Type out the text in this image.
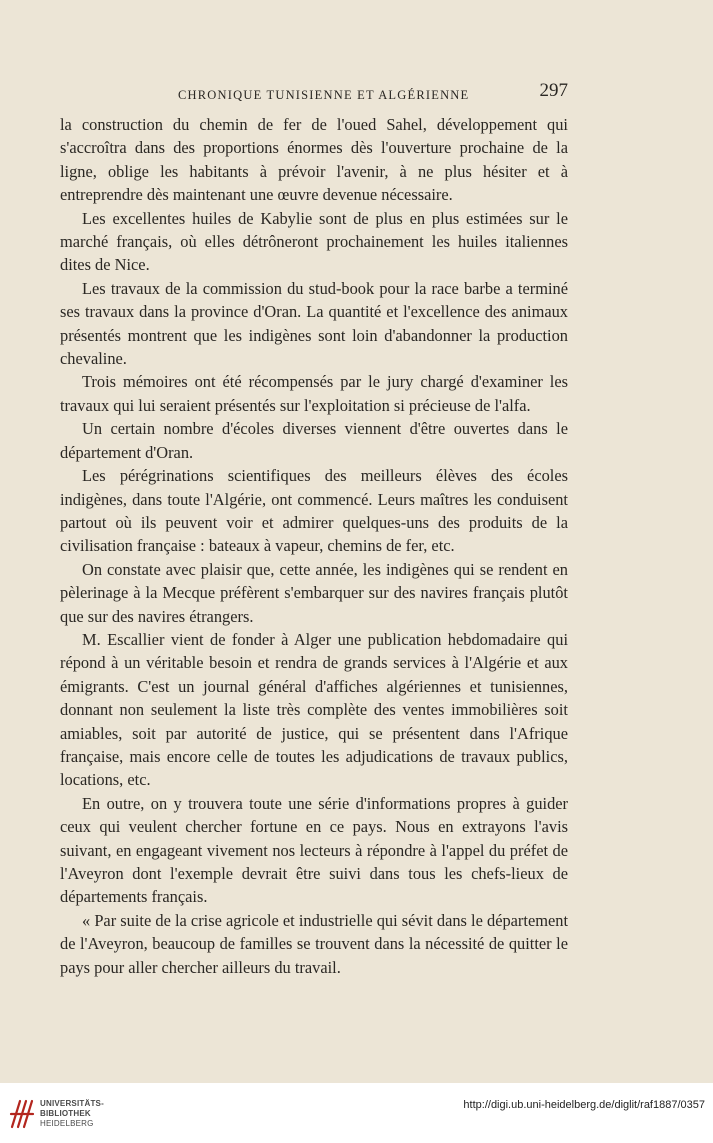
CHRONIQUE TUNISIENNE ET ALGÉRIENNE	297

la construction du chemin de fer de l'oued Sahel, développement qui s'accroîtra dans des proportions énormes dès l'ouverture prochaine de la ligne, oblige les habitants à prévoir l'avenir, à ne plus hésiter et à entreprendre dès maintenant une œuvre devenue nécessaire.

Les excellentes huiles de Kabylie sont de plus en plus estimées sur le marché français, où elles détrôneront prochainement les huiles italiennes dites de Nice.

Les travaux de la commission du stud-book pour la race barbe a terminé ses travaux dans la province d'Oran. La quantité et l'excellence des animaux présentés montrent que les indigènes sont loin d'abandonner la production chevaline.

Trois mémoires ont été récompensés par le jury chargé d'examiner les travaux qui lui seraient présentés sur l'exploitation si précieuse de l'alfa.

Un certain nombre d'écoles diverses viennent d'être ouvertes dans le département d'Oran.

Les pérégrinations scientifiques des meilleurs élèves des écoles indigènes, dans toute l'Algérie, ont commencé. Leurs maîtres les conduisent partout où ils peuvent voir et admirer quelques-uns des produits de la civilisation française : bateaux à vapeur, chemins de fer, etc.

On constate avec plaisir que, cette année, les indigènes qui se rendent en pèlerinage à la Mecque préfèrent s'embarquer sur des navires français plutôt que sur des navires étrangers.

M. Escallier vient de fonder à Alger une publication hebdomadaire qui répond à un véritable besoin et rendra de grands services à l'Algérie et aux émigrants. C'est un journal général d'affiches algériennes et tunisiennes, donnant non seulement la liste très complète des ventes immobilières soit amiables, soit par autorité de justice, qui se présentent dans l'Afrique française, mais encore celle de toutes les adjudications de travaux publics, locations, etc.

En outre, on y trouvera toute une série d'informations propres à guider ceux qui veulent chercher fortune en ce pays. Nous en extrayons l'avis suivant, en engageant vivement nos lecteurs à répondre à l'appel du préfet de l'Aveyron dont l'exemple devrait être suivi dans tous les chefs-lieux de départements français.

« Par suite de la crise agricole et industrielle qui sévit dans le département de l'Aveyron, beaucoup de familles se trouvent dans la nécessité de quitter le pays pour aller chercher ailleurs du travail.

UNIVERSITÄTS-
BIBLIOTHEK
HEIDELBERG
http://digi.ub.uni-heidelberg.de/diglit/raf1887/0357
